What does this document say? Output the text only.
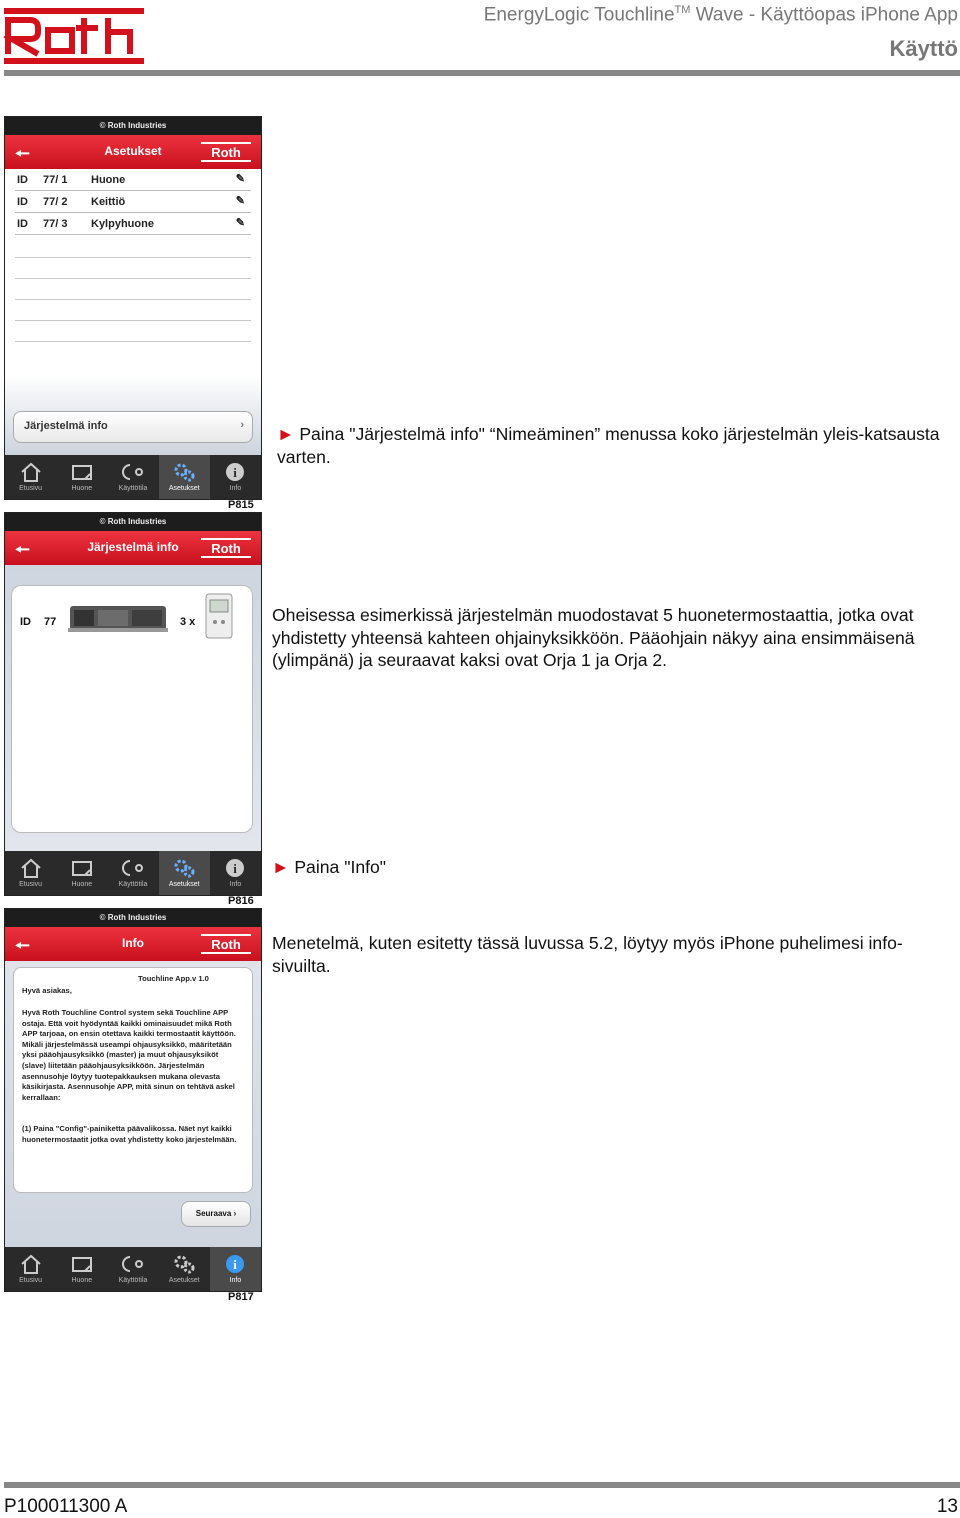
EnergyLogic Touchline™ Wave - Käyttöopas iPhone App
Käyttö
© Roth Industries
🠔	Asetukset	Roth
ID 77/ 1 Huone	✎
ID 77/ 2 Keittiö	✎
ID 77/ 3 Kylpyhuone	✎
Järjestelmä info	›
Etusivu	Huone	Käyttötila	Asetukset
i
Info
P815
© Roth Industries
🠔	Järjestelmä info	Roth
ID 77	3 x
Etusivu	Huone	Käyttötila	Asetukset
i
Info
P816
© Roth Industries
🠔	Info	Roth
Touchline App.v 1.0
Hyvä asiakas,
Hyvä Roth Touchline Control system sekä Touchline APP ostaja. Että voit hyödyntää kaikki ominaisuudet mikä Roth APP tarjoaa, on ensin otettava kaikki termostaatit käyttöön. Mikäli järjestelmässä useampi ohjausyksikkö, määritetään yksi pääohjausyksikkö (master) ja muut ohjausyksiköt (slave) liitetään pääohjausyksikköön. Järjestelmän asennusohje löytyy tuotepakkauksen mukana olevasta käsikirjasta. Asennusohje APP, mitä sinun on tehtävä askel kerrallaan:
(1) Paina "Config"-painiketta päävalikossa. Näet nyt kaikki huonetermostaatit jotka ovat yhdistetty koko järjestelmään.
Seuraava ›
Etusivu	Huone	Käyttötila	Asetukset
i
Info
P817
► Paina "Järjestelmä info" “Nimeäminen” menussa koko järjestelmän yleis-katsausta varten.
Oheisessa esimerkissä järjestelmän muodostavat 5 huonetermostaattia, jotka ovat yhdistetty yhteensä kahteen ohjainyksikköön. Pääohjain näkyy aina ensimmäisenä (ylimpänä) ja seuraavat kaksi ovat Orja 1 ja Orja 2.
► Paina "Info"
Menetelmä, kuten esitetty tässä luvussa 5.2, löytyy myös iPhone puhelimesi info-sivuilta.
P100011300 A	13
